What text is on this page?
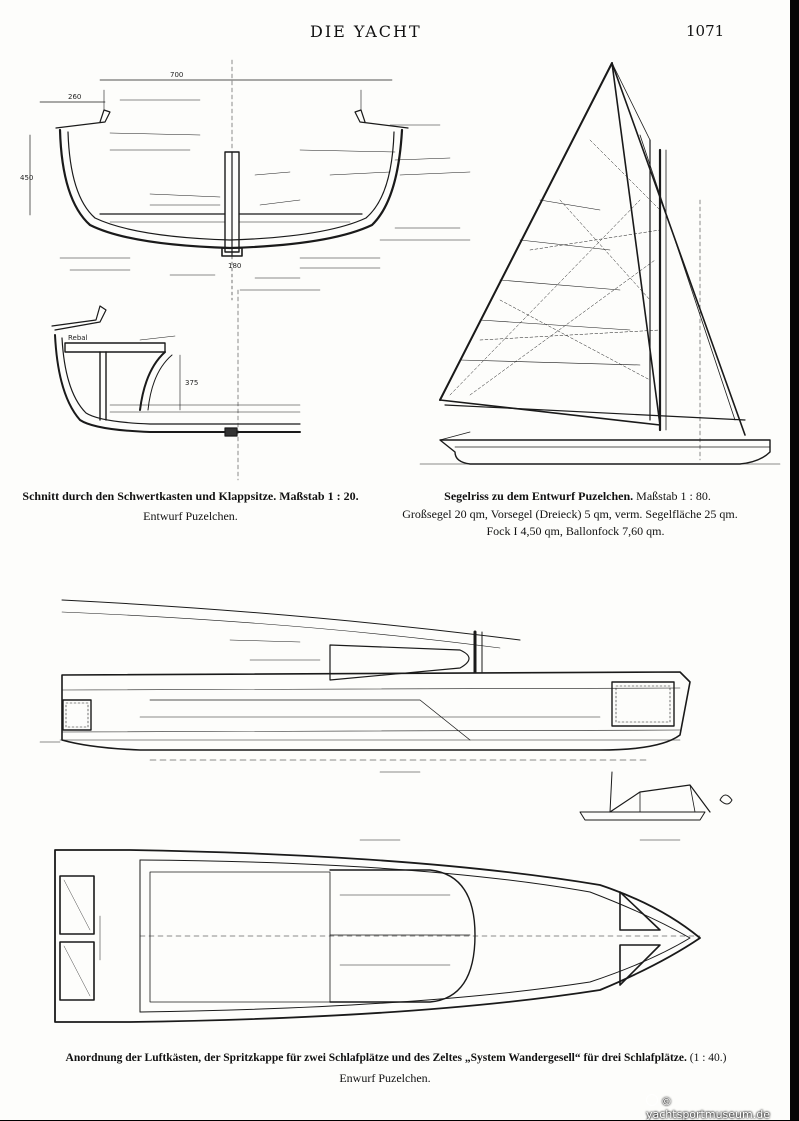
DIE YACHT	1071
700
260
450
180
Rebal
375
Schnitt durch den Schwertkasten und Klappsitze. Maßstab 1 : 20.
Entwurf Puzelchen.
Segelriss zu dem Entwurf Puzelchen. Maßstab 1 : 80.
Großsegel 20 qm, Vorsegel (Dreieck) 5 qm, verm. Segelfläche 25 qm.
Fock I 4,50 qm, Ballonfock 7,60 qm.
Anordnung der Luftkästen, der Spritzkappe für zwei Schlafplätze und des Zeltes „System Wandergesell“ für drei Schlafplätze. (1 : 40.)
Enwurf Puzelchen.
© yachtsportmuseum.de
